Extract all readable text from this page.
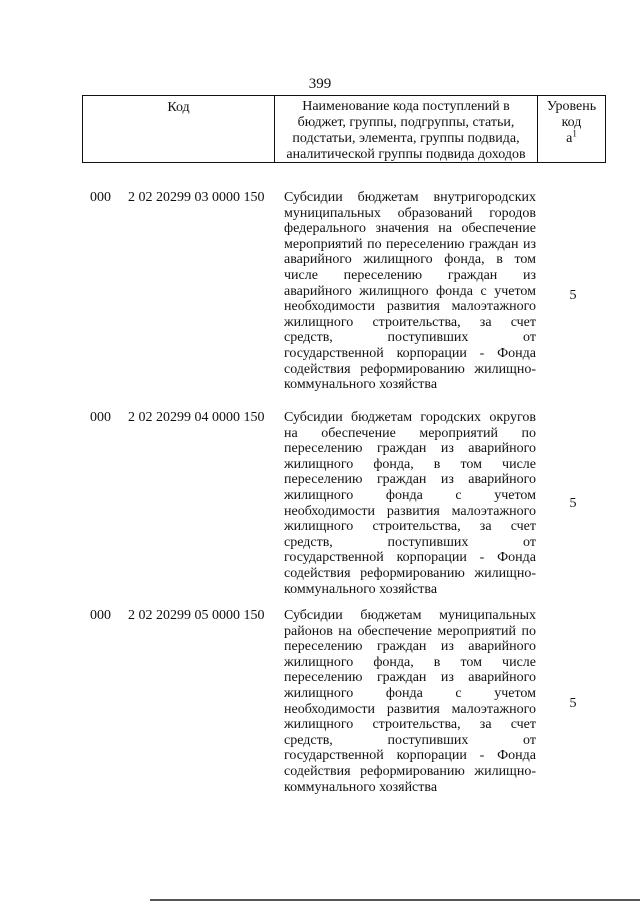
399
Код	Наименование кода поступлений в бюджет, группы, подгруппы, статьи, подстатьи, элемента, группы подвида, аналитической группы подвида доходов
Уровень код
$а^1$
000 2 02 20299 03 0000 150 Субсидии бюджетам внутригородских муниципальных образований городов федерального значения на обеспечение мероприятий по переселению граждан из аварийного жилищного фонда, в том числе переселению граждан из аварийного жилищного фонда с учетом необходимости развития малоэтажного жилищного строительства, за счет средств, поступивших от государственной корпорации - Фонда содействия реформированию жилищно-коммунального хозяйства
5
000 2 02 20299 04 0000 150 Субсидии бюджетам городских округов на обеспечение мероприятий по переселению граждан из аварийного жилищного фонда, в том числе переселению граждан из аварийного жилищного фонда с учетом необходимости развития малоэтажного жилищного строительства, за счет средств, поступивших от государственной корпорации - Фонда содействия реформированию жилищно-коммунального хозяйства
5
000 2 02 20299 05 0000 150 Субсидии бюджетам муниципальных районов на обеспечение мероприятий по переселению граждан из аварийного жилищного фонда, в том числе переселению граждан из аварийного жилищного фонда с учетом необходимости развития малоэтажного жилищного строительства, за счет средств, поступивших от государственной корпорации - Фонда содействия реформированию жилищно-коммунального хозяйства
5
